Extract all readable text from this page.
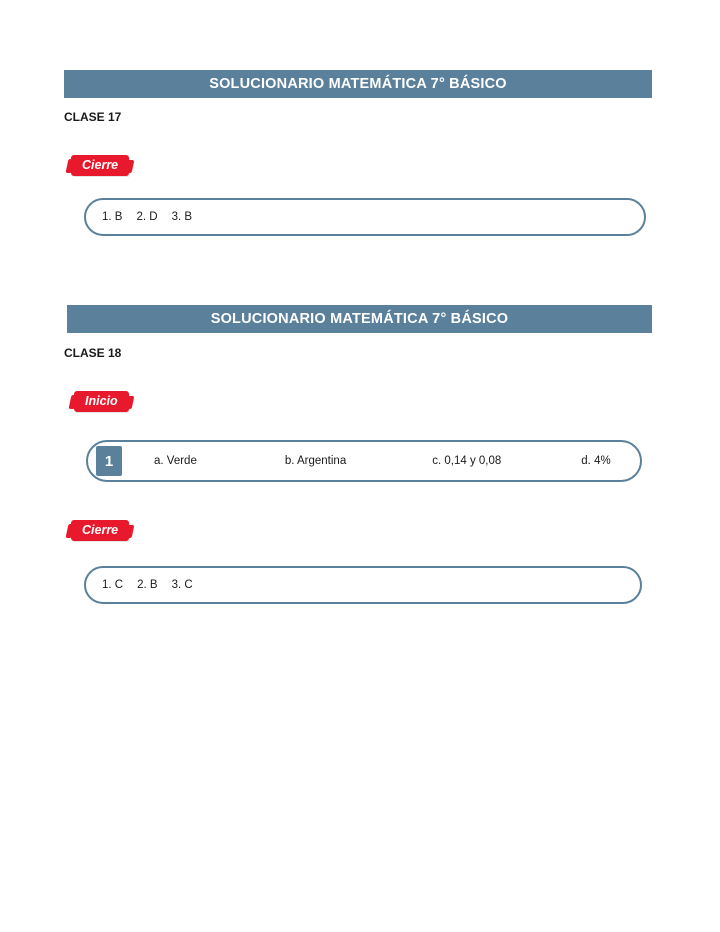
SOLUCIONARIO MATEMÁTICA 7° BÁSICO
CLASE 17
Cierre
1. B 2. D 3. B
SOLUCIONARIO MATEMÁTICA 7° BÁSICO
CLASE 18
Inicio
1	a. Verde	b. Argentina	c. 0,14 y 0,08	d. 4%
Cierre
1. C 2. B 3. C
